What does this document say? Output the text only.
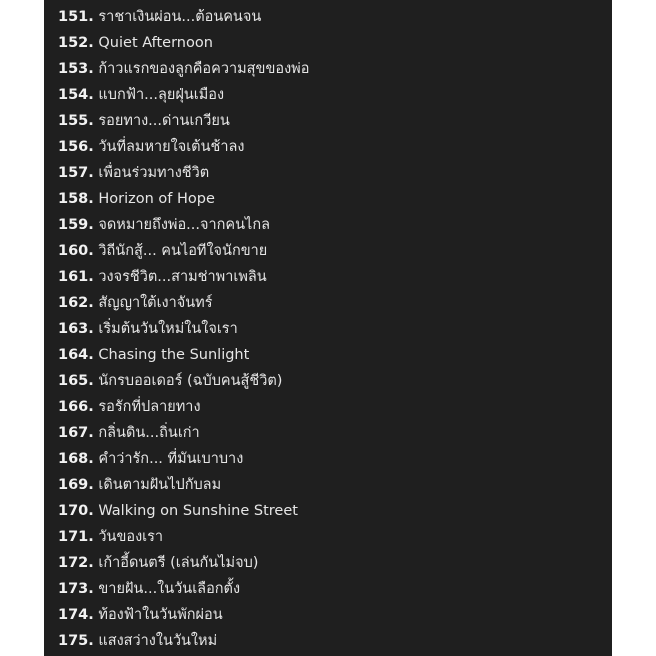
151. ราชาเงินผ่อน...ต้อนคนจน
152. Quiet Afternoon
153. ก้าวแรกของลูกคือความสุขของพ่อ
154. แบกฟ้า...ลุยฝุ่นเมือง
155. รอยทาง...ด่านเกวียน
156. วันที่ลมหายใจเต้นช้าลง
157. เพื่อนร่วมทางชีวิต
158. Horizon of Hope
159. จดหมายถึงพ่อ...จากคนไกล
160. วิถีนักสู้... คนไอทีใจนักขาย
161. วงจรชีวิต...สามช่าพาเพลิน
162. สัญญาใต้เงาจันทร์
163. เริ่มต้นวันใหม่ในใจเรา
164. Chasing the Sunlight
165. นักรบออเดอร์ (ฉบับคนสู้ชีวิต)
166. รอรักที่ปลายทาง
167. กลิ่นดิน...ถิ่นเก่า
168. คำว่ารัก... ที่มันเบาบาง
169. เดินตามฝันไปกับลม
170. Walking on Sunshine Street
171. วันของเรา
172. เก้าอี้ดนตรี (เล่นกันไม่จบ)
173. ขายฝัน...ในวันเลือกตั้ง
174. ท้องฟ้าในวันพักผ่อน
175. แสงสว่างในวันใหม่
